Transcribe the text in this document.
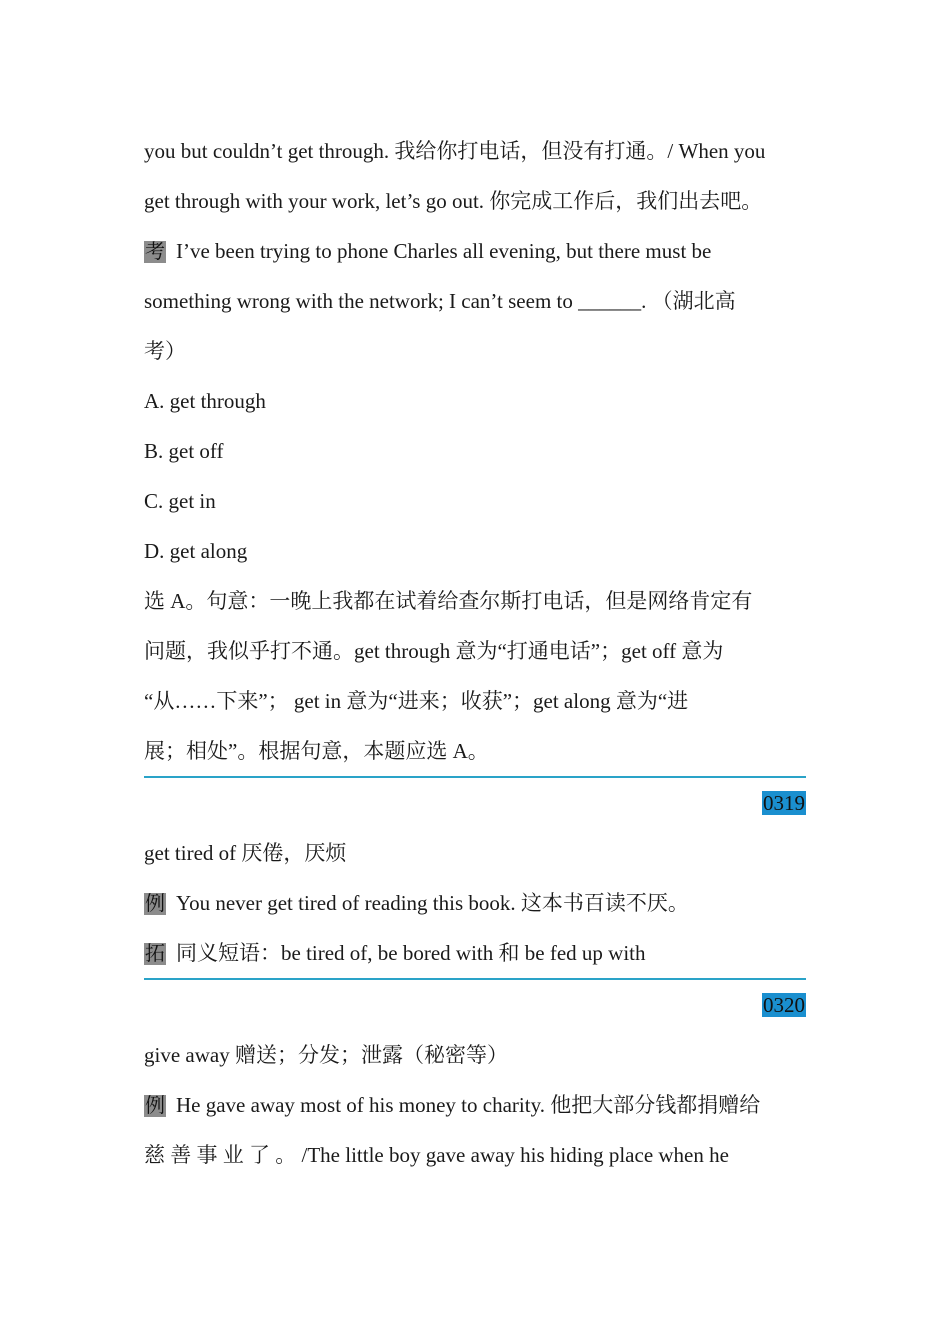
you but couldn’t get through. 我给你打电话，但没有打通。/ When you

get through with your work, let’s go out. 你完成工作后，我们出去吧。

考 I’ve been trying to phone Charles all evening, but there must be

something wrong with the network; I can’t seem to ______. （湖北高

考）

A. get through

B. get off

C. get in

D. get along

选 A。句意：一晚上我都在试着给查尔斯打电话，但是网络肯定有

问题，我似乎打不通。get through 意为“打通电话”；get off 意为

“从……下来”； get in 意为“进来；收获”；get along 意为“进

展；相处”。根据句意，本题应选 A。

0319

get tired of 厌倦，厌烦

例 You never get tired of reading this book. 这本书百读不厌。

拓 同义短语：be tired of, be bored with 和 be fed up with

0320

give away 赠送；分发；泄露（秘密等）

例 He gave away most of his money to charity. 他把大部分钱都捐赠给

慈 善 事 业 了 。 /The little boy gave away his hiding place when he
